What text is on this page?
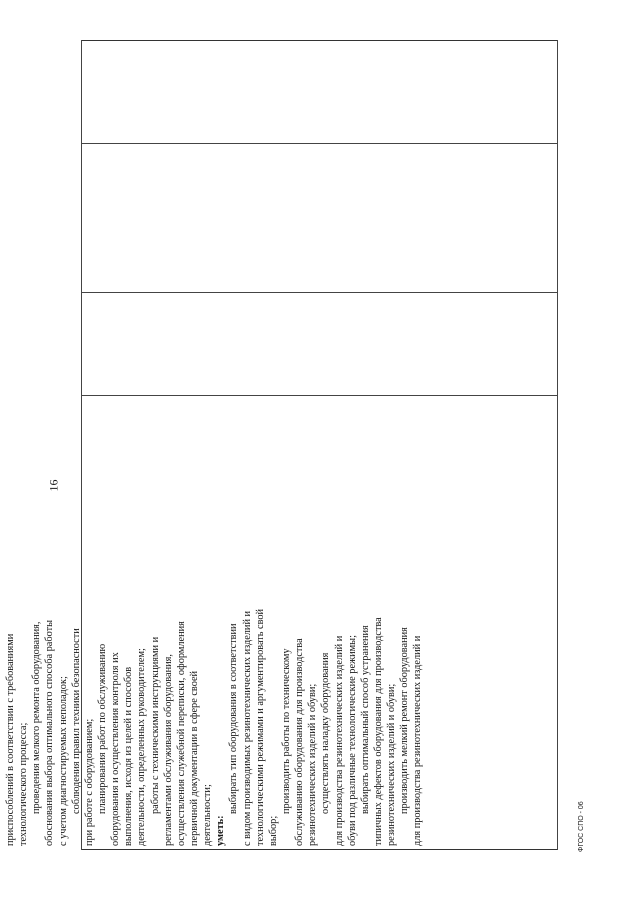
16
ФГОС СПО - 06
приспособлений в соответствии с требованиями технологического процесса; проведения мелкого ремонта оборудования, обоснования выбора оптимального способа работы с учетом диагностируемых неполадок; соблюдения правил техники безопасности при работе с оборудованием; планирования работ по обслуживанию оборудования и осуществления контроля их выполнения, исходя из целей и способов деятельности, определенных руководителем; работы с техническими инструкциями и регламентами обслуживания оборудования, осуществления служебной переписки, оформления первичной документации в сфере своей деятельности; уметь:
выбирать тип оборудования в соответствии с видом производимых резинотехнических изделий и технологическими режимами и аргументировать свой выбор;
производить работы по техническому обслуживанию оборудования для производства резинотехнических изделий и обуви; осуществлять наладку оборудования для производства резинотехнических изделий и обуви под различные технологические режимы; выбирать оптимальный способ устранения типичных дефектов оборудования для производства резинотехнических изделий и обуви; производить мелкий ремонт оборудования для производства резинотехнических изделий и
